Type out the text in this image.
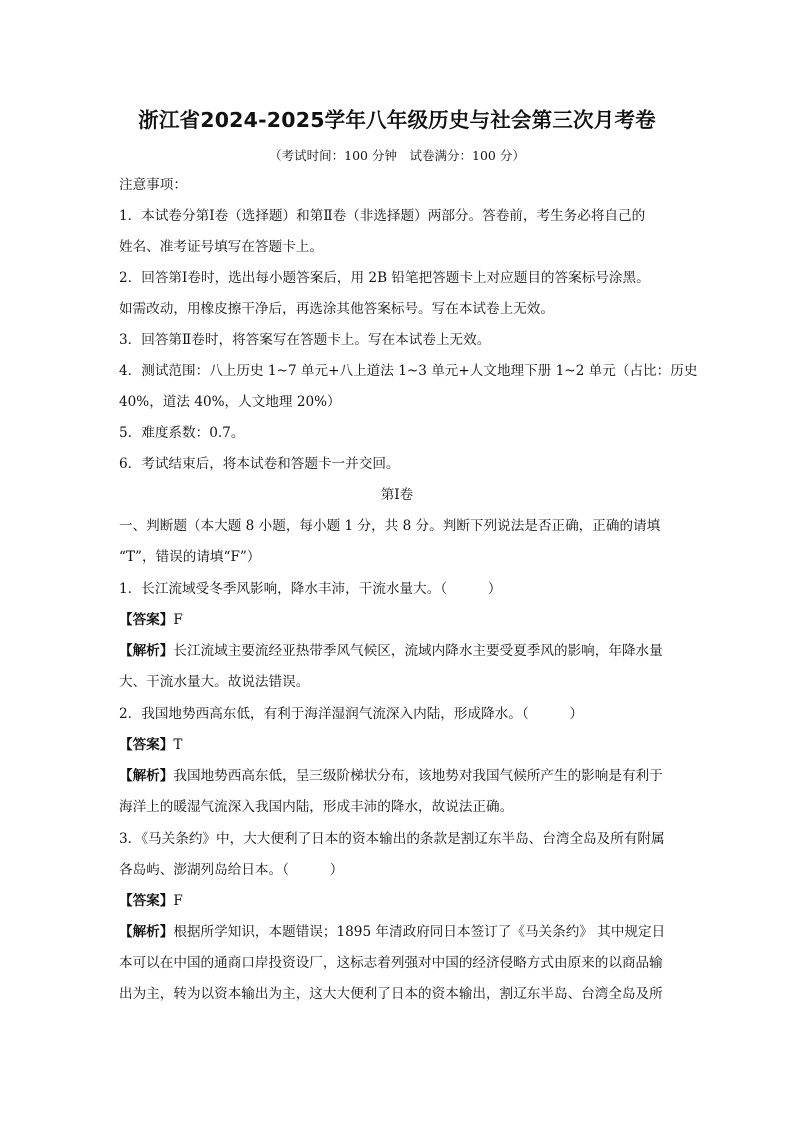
浙江省2024-2025学年八年级历史与社会第三次月考卷
（考试时间：100 分钟　试卷满分：100 分）
注意事项：
1．本试卷分第Ⅰ卷（选择题）和第Ⅱ卷（非选择题）两部分。答卷前，考生务必将自己的
姓名、准考证号填写在答题卡上。
2．回答第Ⅰ卷时，选出每小题答案后，用 2B 铅笔把答题卡上对应题目的答案标号涂黑。
如需改动，用橡皮擦干净后，再选涂其他答案标号。写在本试卷上无效。
3．回答第Ⅱ卷时，将答案写在答题卡上。写在本试卷上无效。
4．测试范围：八上历史 1~7 单元+八上道法 1~3 单元+人文地理下册 1~2 单元（占比：历史
40%，道法 40%，人文地理 20%）
5．难度系数：0.7。
6．考试结束后，将本试卷和答题卡一并交回。
第Ⅰ卷
一、判断题（本大题 8 小题，每小题 1 分，共 8 分。判断下列说法是否正确，正确的请填
“T”，错误的请填“F”）
1．长江流域受冬季风影响，降水丰沛，干流水量大。（　　　）
【答案】F
【解析】长江流域主要流经亚热带季风气候区，流域内降水主要受夏季风的影响，年降水量
大、干流水量大。故说法错误。
2．我国地势西高东低，有利于海洋湿润气流深入内陆，形成降水。（　　　）
【答案】T
【解析】我国地势西高东低，呈三级阶梯状分布，该地势对我国气候所产生的影响是有利于
海洋上的暖湿气流深入我国内陆，形成丰沛的降水，故说法正确。
3．《马关条约》中，大大便利了日本的资本输出的条款是割辽东半岛、台湾全岛及所有附属
各岛屿、澎湖列岛给日本。（　　　）
【答案】F
【解析】根据所学知识，本题错误；1895 年清政府同日本签订了《马关条约》 其中规定日
本可以在中国的通商口岸投资设厂，这标志着列强对中国的经济侵略方式由原来的以商品输
出为主，转为以资本输出为主，这大大便利了日本的资本输出，割辽东半岛、台湾全岛及所
